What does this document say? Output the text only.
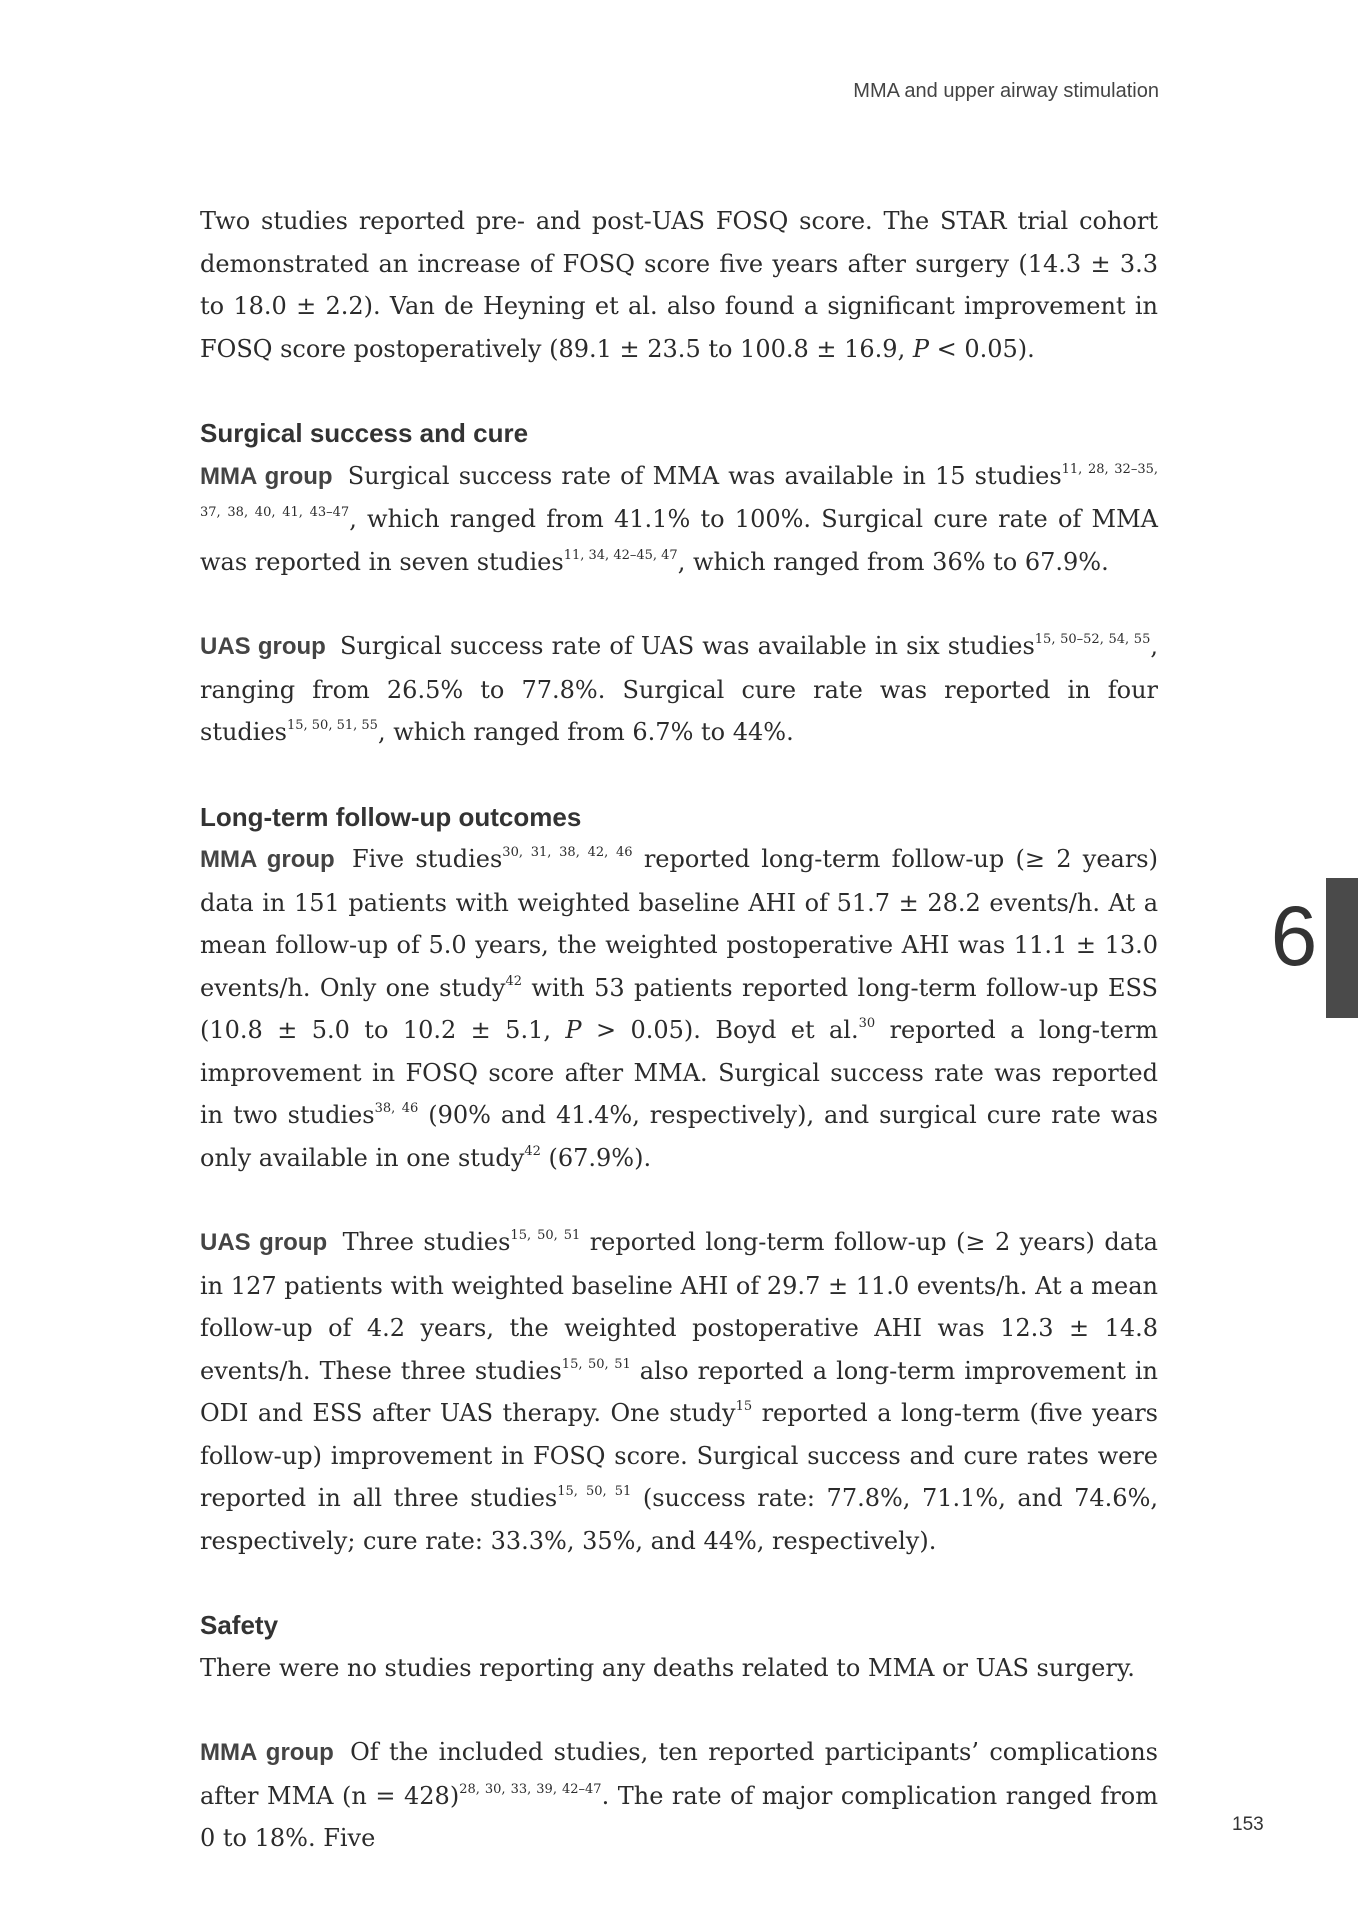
MMA and upper airway stimulation
6

Two studies reported pre- and post-UAS FOSQ score. The STAR trial cohort demonstrated an increase of FOSQ score five years after surgery (14.3 ± 3.3 to 18.0 ± 2.2). Van de Heyning et al. also found a significant improvement in FOSQ score postoperatively (89.1 ± 23.5 to 100.8 ± 16.9, P < 0.05).

Surgical success and cure

MMA group Surgical success rate of MMA was available in 15 studies$^{11, 28, 32-35, 37, 38, 40, 41, 43-47}$, which ranged from 41.1% to 100%. Surgical cure rate of MMA was reported in seven studies$^{11, 34, 42-45, 47}$, which ranged from 36% to 67.9%.

UAS group Surgical success rate of UAS was available in six studies$^{15, 50-52, 54, 55}$, ranging from 26.5% to 77.8%. Surgical cure rate was reported in four studies$^{15, 50, 51, 55}$, which ranged from 6.7% to 44%.

Long-term follow-up outcomes

MMA group Five studies$^{30, 31, 38, 42, 46}$ reported long-term follow-up (≥ 2 years) data in 151 patients with weighted baseline AHI of 51.7 ± 28.2 events/h. At a mean follow-up of 5.0 years, the weighted postoperative AHI was 11.1 ± 13.0 events/h. Only one study$^{42}$ with 53 patients reported long-term follow-up ESS (10.8 ± 5.0 to 10.2 ± 5.1, P > 0.05). Boyd et al.$^{30}$ reported a long-term improvement in FOSQ score after MMA. Surgical success rate was reported in two studies$^{38, 46}$ (90% and 41.4%, respectively), and surgical cure rate was only available in one study$^{42}$ (67.9%).

UAS group Three studies$^{15, 50, 51}$ reported long-term follow-up (≥ 2 years) data in 127 patients with weighted baseline AHI of 29.7 ± 11.0 events/h. At a mean follow-up of 4.2 years, the weighted postoperative AHI was 12.3 ± 14.8 events/h. These three studies$^{15, 50, 51}$ also reported a long-term improvement in ODI and ESS after UAS therapy. One study$^{15}$ reported a long-term (five years follow-up) improvement in FOSQ score. Surgical success and cure rates were reported in all three studies$^{15, 50, 51}$ (success rate: 77.8%, 71.1%, and 74.6%, respectively; cure rate: 33.3%, 35%, and 44%, respectively).

Safety

There were no studies reporting any deaths related to MMA or UAS surgery.

MMA group Of the included studies, ten reported participants’ complications after MMA (n = 428)$^{28, 30, 33, 39, 42-47}$. The rate of major complication ranged from 0 to 18%. Five	153
